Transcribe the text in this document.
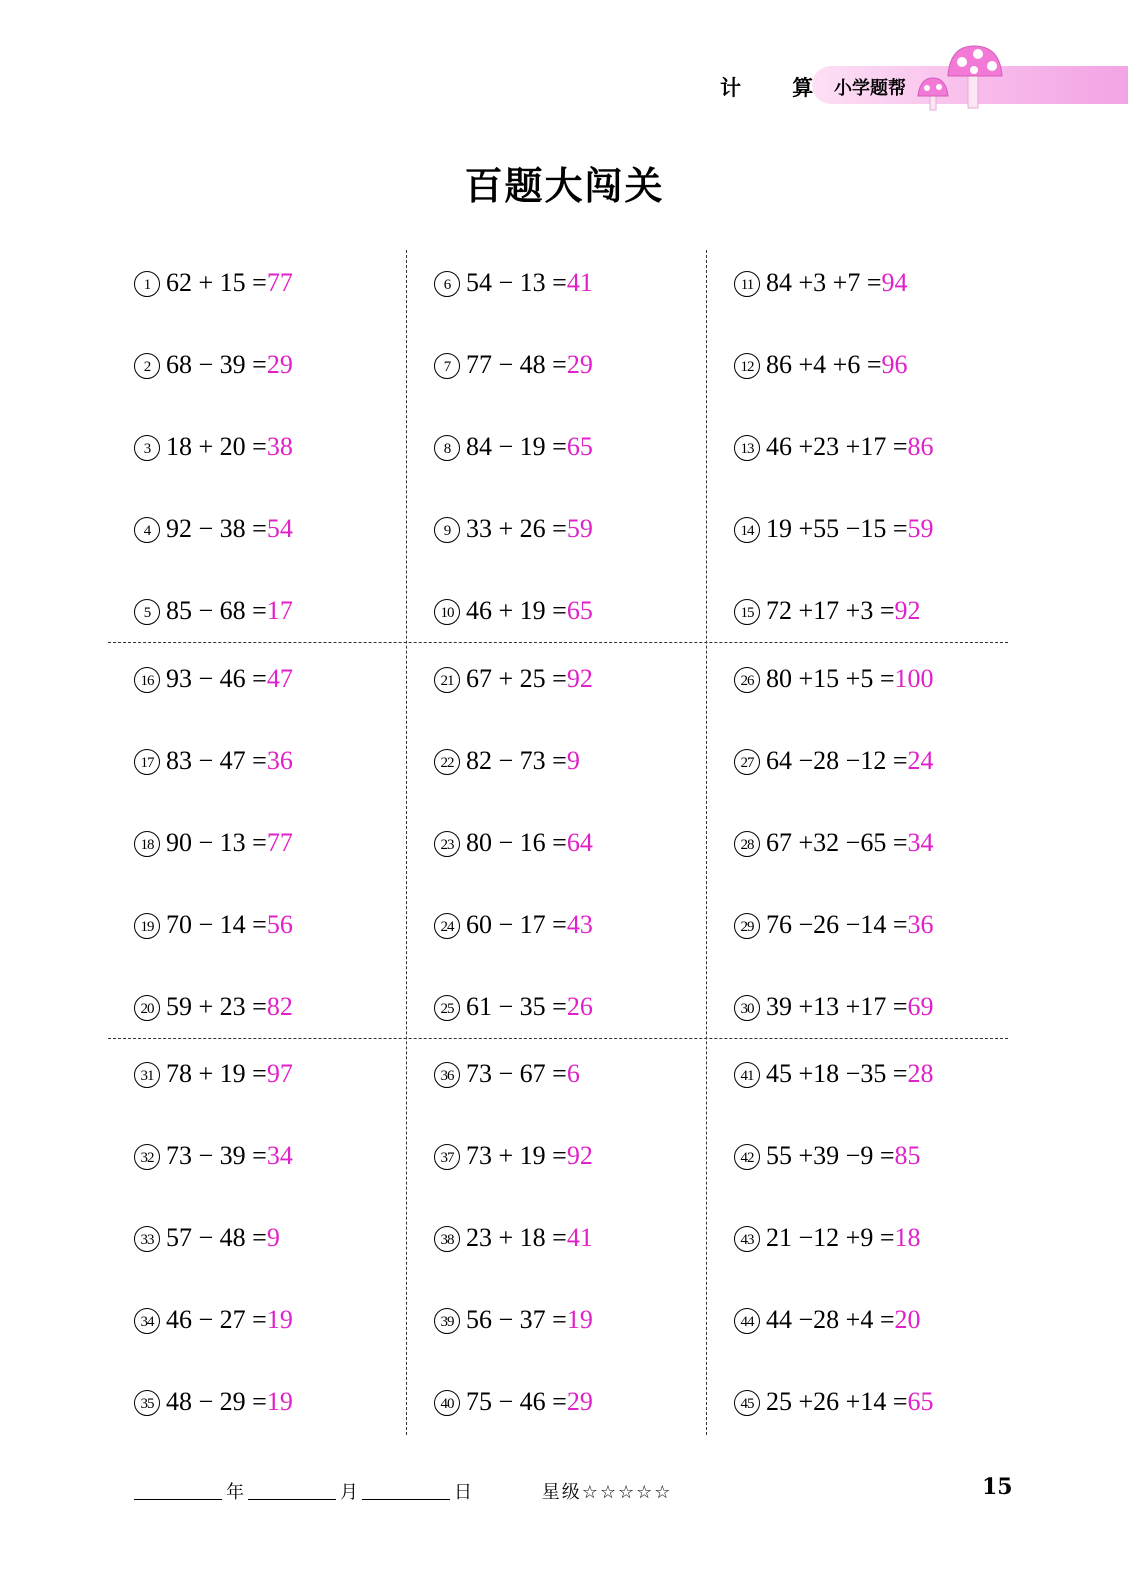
计 算
小学题帮
百题大闯关
1 62 + 15 =77
2 68 − 39 =29
3 18 + 20 =38
4 92 − 38 =54
5 85 − 68 =17
16 93 − 46 =47
17 83 − 47 =36
18 90 − 13 =77
19 70 − 14 =56
20 59 + 23 =82
31 78 + 19 =97
32 73 − 39 =34
33 57 − 48 =9
34 46 − 27 =19
35 48 − 29 =19
6 54 − 13 =41
7 77 − 48 =29
8 84 − 19 =65
9 33 + 26 =59
10 46 + 19 =65
21 67 + 25 =92
22 82 − 73 =9
23 80 − 16 =64
24 60 − 17 =43
25 61 − 35 =26
36 73 − 67 =6
37 73 + 19 =92
38 23 + 18 =41
39 56 − 37 =19
40 75 − 46 =29
11 84 +3 +7 =94
12 86 +4 +6 =96
13 46 +23 +17 =86
14 19 +55 −15 =59
15 72 +17 +3 =92
26 80 +15 +5 =100
27 64 −28 −12 =24
28 67 +32 −65 =34
29 76 −26 −14 =36
30 39 +13 +17 =69
41 45 +18 −35 =28
42 55 +39 −9 =85
43 21 −12 +9 =18
44 44 −28 +4 =20
45 25 +26 +14 =65
年	月	日	星级☆☆☆☆☆	15
